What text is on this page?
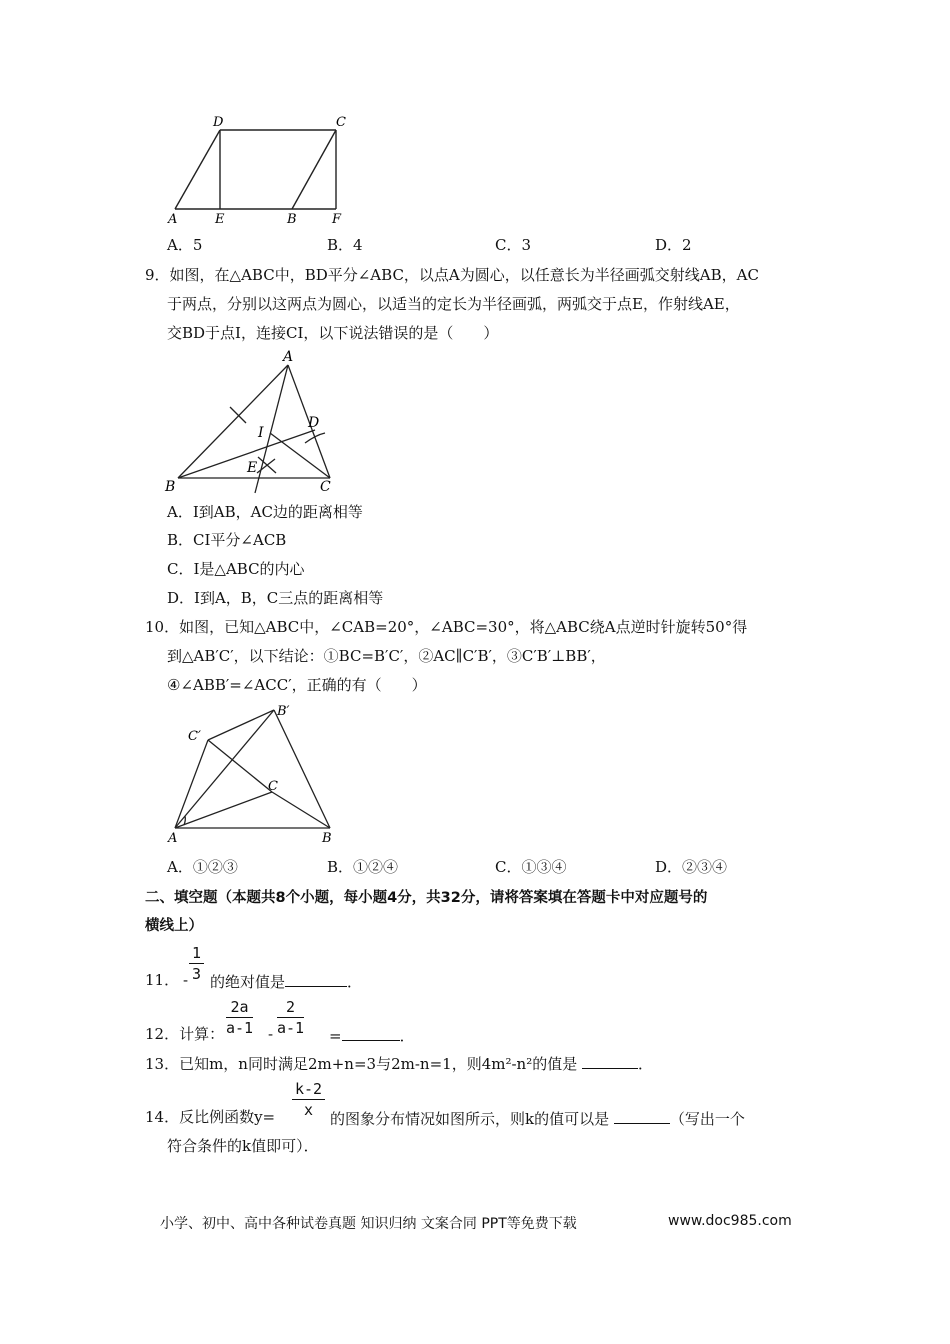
D	C
A	E	B	F
A．5	B．4	C．3	D．2
9．如图，在△ABC中，BD平分∠ABC，以点A为圆心，以任意长为半径画弧交射线AB，AC
于两点，分别以这两点为圆心，以适当的定长为半径画弧，两弧交于点E，作射线AE，
交BD于点I，连接CI，以下说法错误的是（　　）
A
B	C
D
I
E
A．I到AB，AC边的距离相等
B．CI平分∠ACB
C．I是△ABC的内心
D．I到A，B，C三点的距离相等
10．如图，已知△ABC中，∠CAB=20°，∠ABC=30°，将△ABC绕A点逆时针旋转50°得
到△AB′C′，以下结论：①BC=B′C′，②AC∥C′B′，③C′B′⊥BB′，
④∠ABB′=∠ACC′，正确的有（　　）
B′
C′
C
A	B
A．①②③	B．①②④	C．①③④	D．②③④
二、填空题（本题共8个小题，每小题4分，共32分，请将答案填在答题卡中对应题号的
横线上）
11． - $\frac{1}{3}$ 的绝对值是	．
12．计算： $\frac{2a}{a-1} - \frac{2}{a-1}$ =	．
13．已知m，n同时满足2m+n=3与2m-n=1，则4m²-n²的值是	．
14．反比例函数$y= \frac{k-2}{x}$ 的图象分布情况如图所示，则k的值可以是	（写出一个
符合条件的k值即可）．
小学、初中、高中各种试卷真题 知识归纳 文案合同 PPT等免费下载	www.doc985.com
